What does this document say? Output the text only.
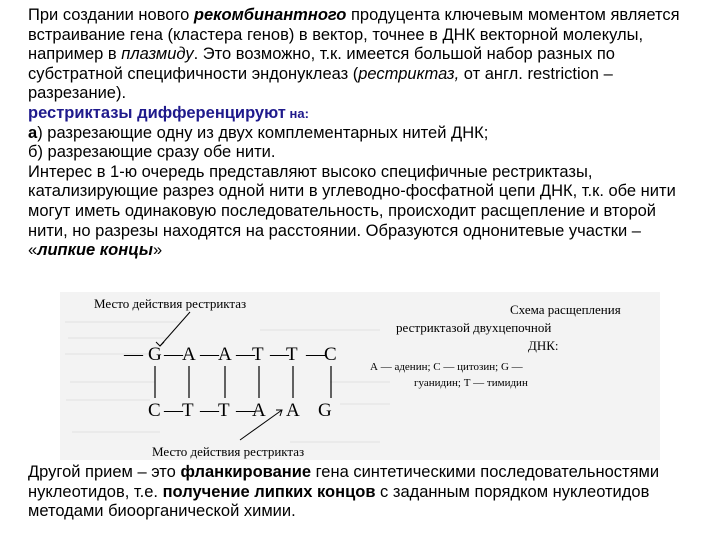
При создании нового рекомбинантного продуцента ключевым моментом является встраивание гена (кластера генов) в вектор, точнее в ДНК векторной молекулы, например в плазмиду. Это возможно, т.к. имеется большой набор разных по субстратной специфичности эндонуклеаз (рестриктаз, от англ. restriction – разрезание).

рестриктазы дифференцируют на:

а) разрезающие одну из двух комплементарных нитей ДНК;

б) разрезающие сразу обе нити.

Интерес в 1-ю очередь представляют высоко специфичные рестриктазы, катализирующие разрез одной нити в углеводно-фосфатной цепи ДНК, т.к. обе нити могут иметь одинаковую последовательность, происходит расщепление и второй нити, но разрезы находятся на расстоянии. Образуются однонитевые участки – «липкие концы»

Место действия рестриктаз
Место действия рестриктаз
— G — A — A —
T —
T — C
C — T — T —
A A G
Схема расщепления
рестриктазой двухцепочной
ДНК:
А — аденин; С — цитозин; G —
гуанидин; Т — тимидин

Другой прием – это фланкирование гена синтетическими последовательностями нуклеотидов, т.е. получение липких концов с заданным порядком нуклеотидов методами биоорганической химии.
